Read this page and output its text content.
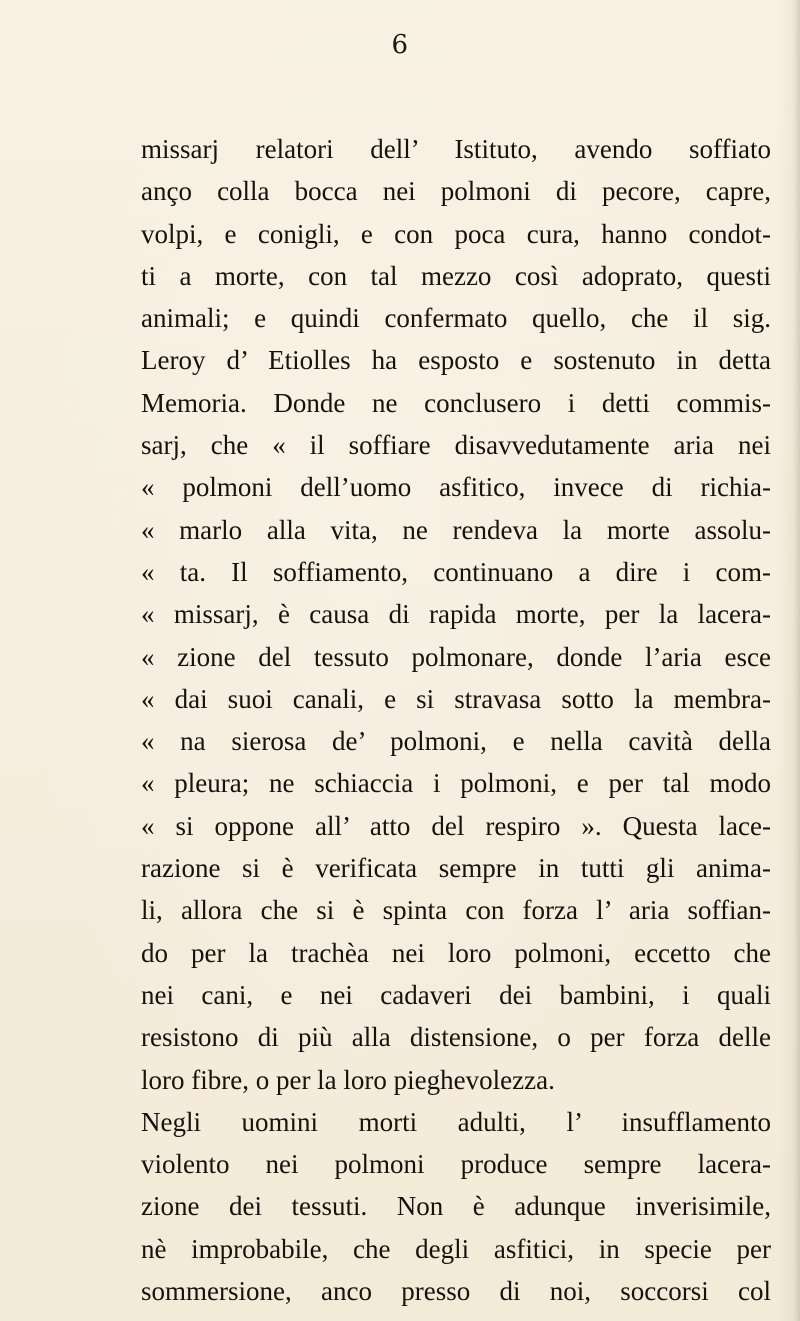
6
missarj relatori dell’ Istituto, avendo soffiato
anço colla bocca nei polmoni di pecore, capre,
volpi, e conigli, e con poca cura, hanno condot-
ti a morte, con tal mezzo così adoprato, questi
animali; e quindi confermato quello, che il sig.
Leroy d’ Etiolles ha esposto e sostenuto in detta
Memoria. Donde ne conclusero i detti commis-
sarj, che « il soffiare disavvedutamente aria nei
« polmoni dell’uomo asfitico, invece di richia-
« marlo alla vita, ne rendeva la morte assolu-
« ta. Il soffiamento, continuano a dire i com-
« missarj, è causa di rapida morte, per la lacera-
« zione del tessuto polmonare, donde l’aria esce
« dai suoi canali, e si stravasa sotto la membra-
« na sierosa de’ polmoni, e nella cavità della
« pleura; ne schiaccia i polmoni, e per tal modo
« si oppone all’ atto del respiro ». Questa lace-
razione si è verificata sempre in tutti gli anima-
li, allora che si è spinta con forza l’ aria soffian-
do per la trachèa nei loro polmoni, eccetto che
nei cani, e nei cadaveri dei bambini, i quali
resistono di più alla distensione, o per forza delle
loro fibre, o per la loro pieghevolezza.
Negli uomini morti adulti, l’ insufflamento
violento nei polmoni produce sempre lacera-
zione dei tessuti. Non è adunque inverisimile,
nè improbabile, che degli asfitici, in specie per
sommersione, anco presso di noi, soccorsi col
